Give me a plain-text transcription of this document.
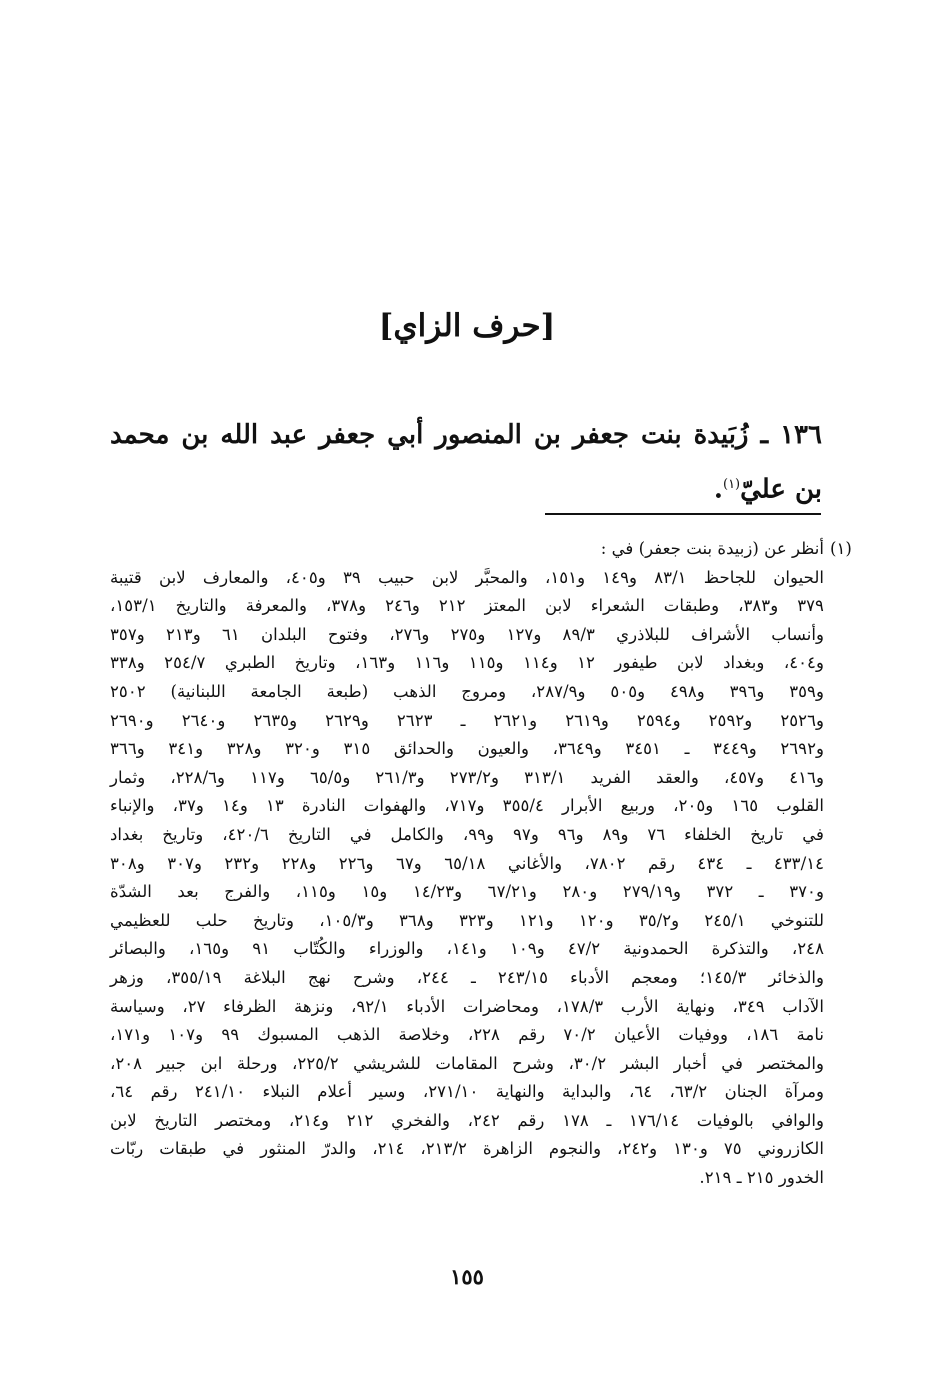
[حرف الزاي]
١٣٦ ـ زُبَيدة بنت جعفر بن المنصور أبي جعفر عبد الله بن محمد بن عليّ$^{(١)}$.
(١)
أنظر عن (زبيدة بنت جعفر) في :
الحيوان للجاحظ ٨٣/١ و١٤٩ و١٥١، والمحبَّر لابن حبيب ٣٩ و٤٠٥، والمعارف لابن قتيبة
٣٧٩ و٣٨٣، وطبقات الشعراء لابن المعتز ٢١٢ و٢٤٦ و٣٧٨، والمعرفة والتاريخ ١٥٣/١،
وأنساب الأشراف للبلاذري ٨٩/٣ و١٢٧ و٢٧٥ و٢٧٦، وفتوح البلدان ٦١ و٢١٣ و٣٥٧
و٤٠٤، وبغداد لابن طيفور ١٢ و١١٤ و١١٥ و١١٦ و١٦٣، وتاريخ الطبري ٢٥٤/٧ و٣٣٨
و٣٥٩ و٣٩٦ و٤٩٨ و٥٠٥ و٢٨٧/٩، ومروج الذهب (طبعة الجامعة اللبنانية) ٢٥٠٢
و٢٥٢٦ و٢٥٩٢ و٢٥٩٤ و٢٦١٩ و٢٦٢١ ـ ٢٦٢٣ و٢٦٢٩ و٢٦٣٥ و٢٦٤٠ و٢٦٩٠
و٢٦٩٢ و٣٤٤٩ ـ ٣٤٥١ و٣٦٤٩، والعيون والحدائق ٣١٥ و٣٢٠ و٣٢٨ و٣٤١ و٣٦٦
و٤١٦ و٤٥٧، والعقد الفريد ٣١٣/١ و٢٧٣/٢ و٢٦١/٣ و٦٥/٥ و١١٧ و٢٢٨/٦، وثمار
القلوب ١٦٥ و٢٠٥، وربيع الأبرار ٣٥٥/٤ و٧١٧، والهفوات النادرة ١٣ و١٤ و٣٧، والإنباء
في تاريخ الخلفاء ٧٦ و٨٩ و٩٦ و٩٧ و٩٩، والكامل في التاريخ ٤٢٠/٦، وتاريخ بغداد
٤٣٣/١٤ ـ ٤٣٤ رقم ٧٨٠٢، والأغاني ٦٥/١٨ و٦٧ و٢٢٦ و٢٢٨ و٢٣٢ و٣٠٧ و٣٠٨
و٣٧٠ ـ ٣٧٢ و٢٧٩/١٩ و٢٨٠ و٦٧/٢١ و١٤/٢٣ و١٥ و١١٥، والفرج بعد الشدّة
للتنوخي ٢٤٥/١ و٣٥/٢ و١٢٠ و١٢١ و٣٢٣ و٣٦٨ و١٠٥/٣، وتاريخ حلب للعظيمي
٢٤٨، والتذكرة الحمدونية ٤٧/٢ و١٠٩ و١٤١، والوزراء والكُتّاب ٩١ و١٦٥، والبصائر
والذخائر ١٤٥/٣؛ ومعجم الأدباء ٢٤٣/١٥ ـ ٢٤٤، وشرح نهج البلاغة ٣٥٥/١٩، وزهر
الآداب ٣٤٩، ونهاية الأرب ١٧٨/٣، ومحاضرات الأدباء ٩٢/١، ونزهة الظرفاء ٢٧، وسياسة
نامة ١٨٦، ووفيات الأعيان ٧٠/٢ رقم ٢٢٨، وخلاصة الذهب المسبوك ٩٩ و١٠٧ و١٧١،
والمختصر في أخبار البشر ٣٠/٢، وشرح المقامات للشريشي ٢٢٥/٢، ورحلة ابن جبير ٢٠٨،
ومرآة الجنان ٦٣/٢، ٦٤، والبداية والنهاية ٢٧١/١٠، وسير أعلام النبلاء ٢٤١/١٠ رقم ٦٤،
والوافي بالوفيات ١٧٦/١٤ ـ ١٧٨ رقم ٢٤٢، والفخري ٢١٢ و٢١٤، ومختصر التاريخ لابن
الكازروني ٧٥ و١٣٠ و٢٤٢، والنجوم الزاهرة ٢١٣/٢، ٢١٤، والدرّ المنثور في طبقات ربّات
الخدور ٢١٥ ـ ٢١٩.
١٥٥
